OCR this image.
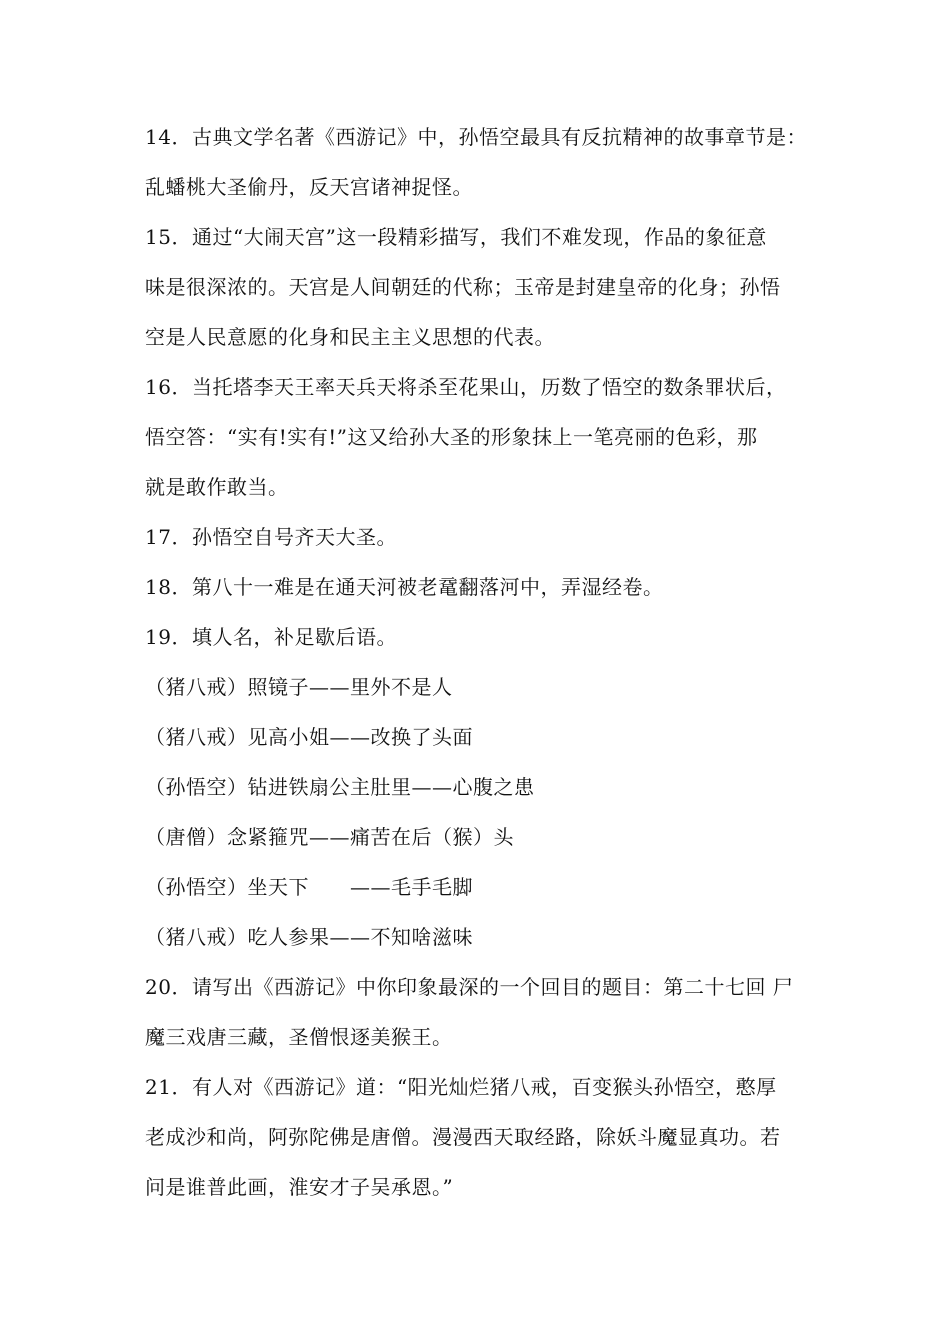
14．古典文学名著《西游记》中，孙悟空最具有反抗精神的故事章节是：
乱蟠桃大圣偷丹，反天宫诸神捉怪。
15．通过“大闹天宫”这一段精彩描写，我们不难发现，作品的象征意
味是很深浓的。天宫是人间朝廷的代称；玉帝是封建皇帝的化身；孙悟
空是人民意愿的化身和民主主义思想的代表。
16．当托塔李天王率天兵天将杀至花果山，历数了悟空的数条罪状后，
悟空答：“实有!实有!”这又给孙大圣的形象抹上一笔亮丽的色彩，那
就是敢作敢当。
17．孙悟空自号齐天大圣。
18．第八十一难是在通天河被老鼋翻落河中，弄湿经卷。
19．填人名，补足歇后语。
（猪八戒）照镜子——里外不是人
（猪八戒）见高小姐——改换了头面
（孙悟空）钻进铁扇公主肚里——心腹之患
（唐僧）念紧箍咒——痛苦在后（猴）头
（孙悟空）坐天下　　——毛手毛脚
（猪八戒）吃人参果——不知啥滋味
20．请写出《西游记》中你印象最深的一个回目的题目：第二十七回 尸
魔三戏唐三藏，圣僧恨逐美猴王。
21．有人对《西游记》道：“阳光灿烂猪八戒，百变猴头孙悟空，憨厚
老成沙和尚，阿弥陀佛是唐僧。漫漫西天取经路，除妖斗魔显真功。若
问是谁普此画，淮安才子吴承恩。”
